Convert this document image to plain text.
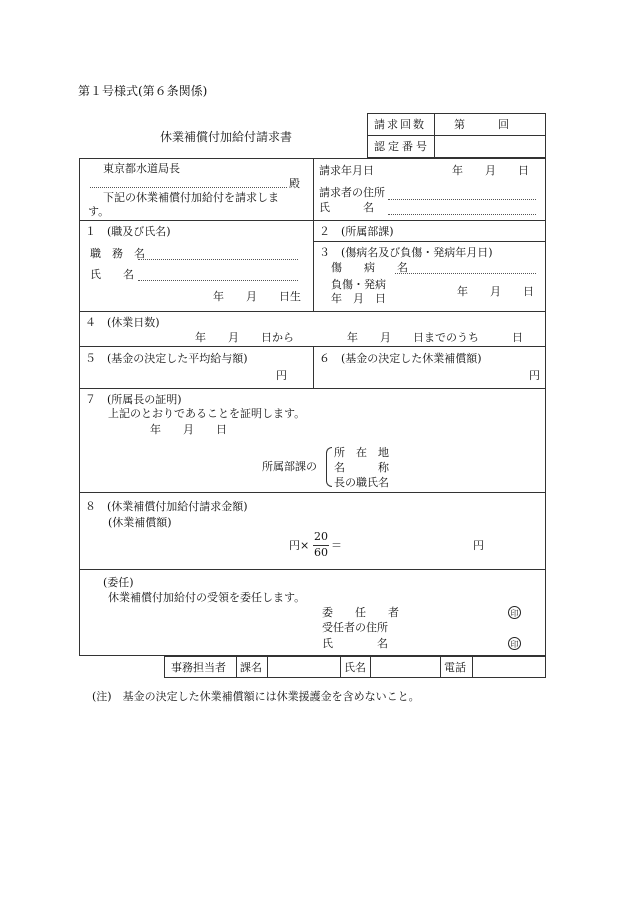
第１号様式(第６条関係)
休業補償付加給付請求書
請求回数	第　　　回
認定番号
東京都水道局長
殿
下記の休業補償付加給付を請求しま
す。
請求年月日	年　　月　　日
請求者の住所
氏　　　名
１　(職及び氏名)
職　務　名
氏　　名
年　　月　　日生
２　(所属部課)
３　(傷病名及び負傷・発病年月日)
傷　　病　　名
負傷・発病
年　月　日
年　　月　　日
４　(休業日数)
年　　月　　日から	年　　月　　日までのうち	日
５　(基金の決定した平均給与額)
円
６　(基金の決定した休業補償額)
円
７　(所属長の証明)
上記のとおりであることを証明します。
年　　月　　日
所属部課の
所　在　地
名　　　称
長の職氏名
８　(休業補償付加給付請求金額)
(休業補償額)
円× $\frac{20}{60}$ ＝	円
(委任)
休業補償付加給付の受領を委任します。
委　　任　　者	印
受任者の住所
氏　　　　名	印
事務担当者 課名	氏名	電話
(注)　基金の決定した休業補償額には休業援護金を含めないこと。
